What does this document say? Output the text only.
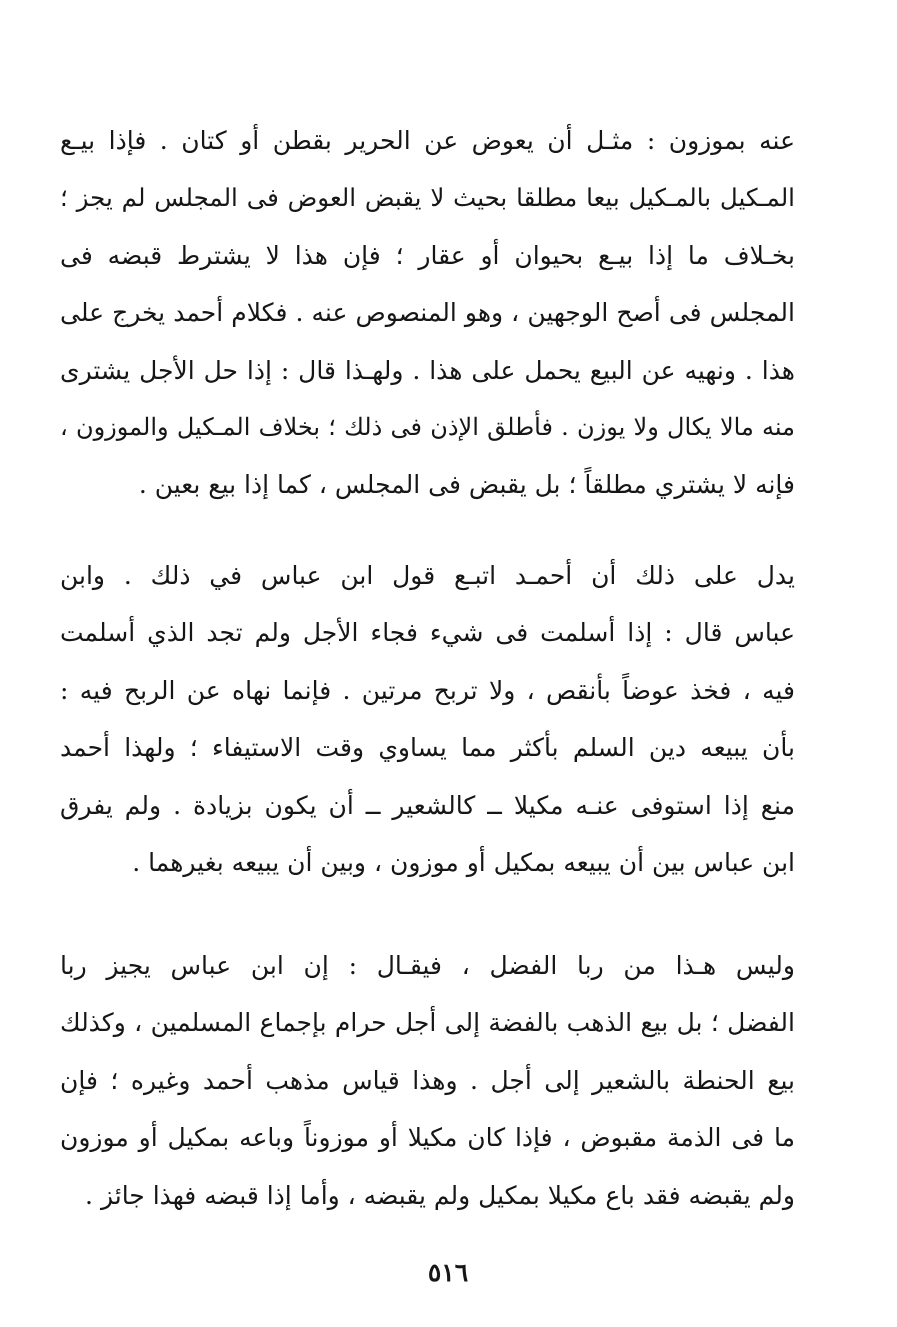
عنه بموزون : مثـل أن يعوض عن الحرير بقطن أو كتان . فإذا بيـع
المـكيل بالمـكيل بيعا مطلقا بحيث لا يقبض العوض فى المجلس لم يجز ؛
بخـلاف ما إذا بيـع بحيوان أو عقار ؛ فإن هذا لا يشترط قبضه فى
المجلس فى أصح الوجهين ، وهو المنصوص عنه . فكلام أحمد يخرج على
هذا . ونهيه عن البيع يحمل على هذا . ولهـذا قال : إذا حل الأجل يشترى
منه مالا يكال ولا يوزن . فأطلق الإذن فى ذلك ؛ بخلاف المـكيل والموزون ،
فإنه لا يشتري مطلقاً ؛ بل يقبض فى المجلس ، كما إذا بيع بعين .
يدل على ذلك أن أحمـد اتبـع قول ابن عباس في ذلك . وابن
عباس قال : إذا أسلمت فى شيء فجاء الأجل ولم تجد الذي أسلمت
فيه ، فخذ عوضاً بأنقص ، ولا تربح مرتين . فإنما نهاه عن الربح فيه :
بأن يبيعه دين السلم بأكثر مما يساوي وقت الاستيفاء ؛ ولهذا أحمد
منع إذا استوفى عنـه مكيلا ــ كالشعير ــ أن يكون بزيادة . ولم يفرق
ابن عباس بين أن يبيعه بمكيل أو موزون ، وبين أن يبيعه بغيرهما .
وليس هـذا من ربا الفضل ، فيقـال : إن ابن عباس يجيز ربا
الفضل ؛ بل بيع الذهب بالفضة إلى أجل حرام بإجماع المسلمين ، وكذلك
بيع الحنطة بالشعير إلى أجل . وهذا قياس مذهب أحمد وغيره ؛ فإن
ما فى الذمة مقبوض ، فإذا كان مكيلا أو موزوناً وباعه بمكيل أو موزون
ولم يقبضه فقد باع مكيلا بمكيل ولم يقبضه ، وأما إذا قبضه فهذا جائز .
٥١٦
